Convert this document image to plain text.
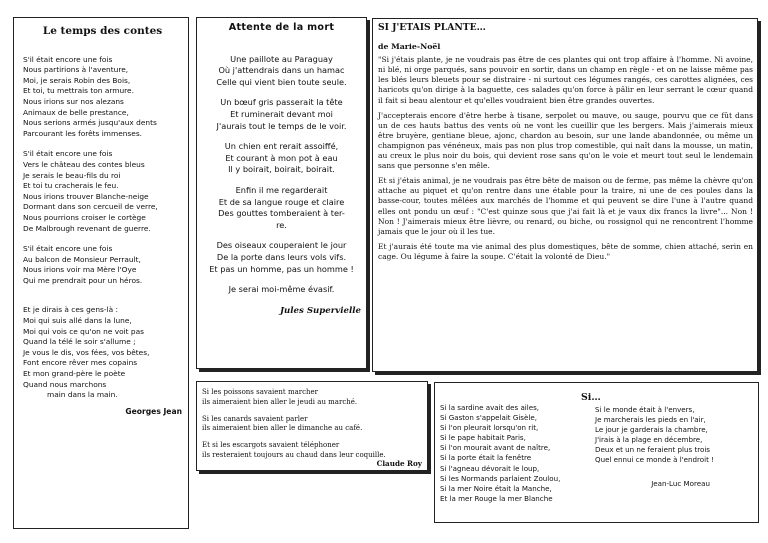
Le temps des contes
S'il était encore une fois
Nous partirions à l'aventure,
Moi, je serais Robin des Bois,
Et toi, tu mettrais ton armure.
Nous irions sur nos alezans
Animaux de belle prestance,
Nous serions armés jusqu'aux dents
Parcourant les forêts immenses.
S'il était encore une fois
Vers le château des contes bleus
Je serais le beau-fils du roi
Et toi tu cracherais le feu.
Nous irions trouver Blanche-neige
Dormant dans son cercueil de verre,
Nous pourrions croiser le cortège
De Malbrough revenant de guerre.
S'il était encore une fois
Au balcon de Monsieur Perrault,
Nous irions voir ma Mère l'Oye
Qui me prendrait pour un héros.
Et je dirais à ces gens-là :
Moi qui suis allé dans la lune,
Moi qui vois ce qu'on ne voit pas
Quand la télé le soir s'allume ;
Je vous le dis, vos fées, vos bêtes,
Font encore rêver mes copains
Et mon grand-père le poète
Quand nous marchons
main dans la main.
Georges Jean
Attente de la mort
Une paillote au Paraguay
Où j'attendrais dans un hamac
Celle qui vient bien toute seule.
Un bœuf gris passerait la tête
Et ruminerait devant moi
J'aurais tout le temps de le voir.
Un chien ent rerait assoiffé,
Et courant à mon pot à eau
Il y boirait, boirait, boirait.
Enfin il me regarderait
Et de sa langue rouge et claire
Des gouttes tomberaient à ter-
re.
Des oiseaux couperaient le jour
De la porte dans leurs vols vifs.
Et pas un homme, pas un homme !
Je serai moi-même évasif.
Jules Supervielle
SI J'ETAIS PLANTE…
de Marie-Noël

"Si j'étais plante, je ne voudrais pas être de ces plantes qui ont trop affaire à l'homme. Ni avoine, ni blé, ni orge parqués, sans pouvoir en sortir, dans un champ en règle - et on ne laisse même pas les blés leurs bleuets pour se distraire - ni surtout ces légumes rangés, ces carottes alignées, ces haricots qu'on dirige à la baguette, ces salades qu'on force à pâlir en leur serrant le cœur quand il fait si beau alentour et qu'elles voudraient bien être grandes ouvertes.

J'accepterais encore d'être herbe à tisane, serpolet ou mauve, ou sauge, pourvu que ce fût dans un de ces hauts battus des vents où ne vont les cueillir que les bergers. Mais j'aimerais mieux être bruyère, gentiane bleue, ajonc, chardon au besoin, sur une lande abandonnée, ou même un champignon pas vénéneux, mais pas non plus trop comestible, qui naît dans la mousse, un matin, au creux le plus noir du bois, qui devient rose sans qu'on le voie et meurt tout seul le lendemain sans que personne s'en mêle.

Et si j'étais animal, je ne voudrais pas être bête de maison ou de ferme, pas même la chèvre qu'on attache au piquet et qu'on rentre dans une étable pour la traire, ni une de ces poules dans la basse-cour, toutes mêlées aux marchés de l'homme et qui peuvent se dire l'une à l'autre quand elles ont pondu un œuf : "C'est quinze sous que j'ai fait là et je vaux dix francs la livre"... Non ! Non ! J'aimerais mieux être lièvre, ou renard, ou biche, ou rossignol qui ne rencontrent l'homme jamais que le jour où il les tue.

Et j'aurais été toute ma vie animal des plus domestiques, bête de somme, chien attaché, serin en cage. Ou légume à faire la soupe. C'était la volonté de Dieu."

Si les poissons savaient marcher
ils aimeraient bien aller le jeudi au marché.
Si les canards savaient parler
ils aimeraient bien aller le dimanche au café.
Et si les escargots savaient téléphoner
ils resteraient toujours au chaud dans leur coquille.
Claude Roy
Si…
Si la sardine avait des ailes,
Si Gaston s'appelait Gisèle,
Si l'on pleurait lorsqu'on rit,
Si le pape habitait Paris,
Si l'on mourait avant de naître,
Si la porte était la fenêtre
Si l'agneau dévorait le loup,
Si les Normands parlaient Zoulou,
Si la mer Noire était la Manche,
Et la mer Rouge la mer Blanche
Si le monde était à l'envers,
Je marcherais les pieds en l'air,
Le jour je garderais la chambre,
J'irais à la plage en décembre,
Deux et un ne feraient plus trois
Quel ennui ce monde à l'endroit !
Jean-Luc Moreau
